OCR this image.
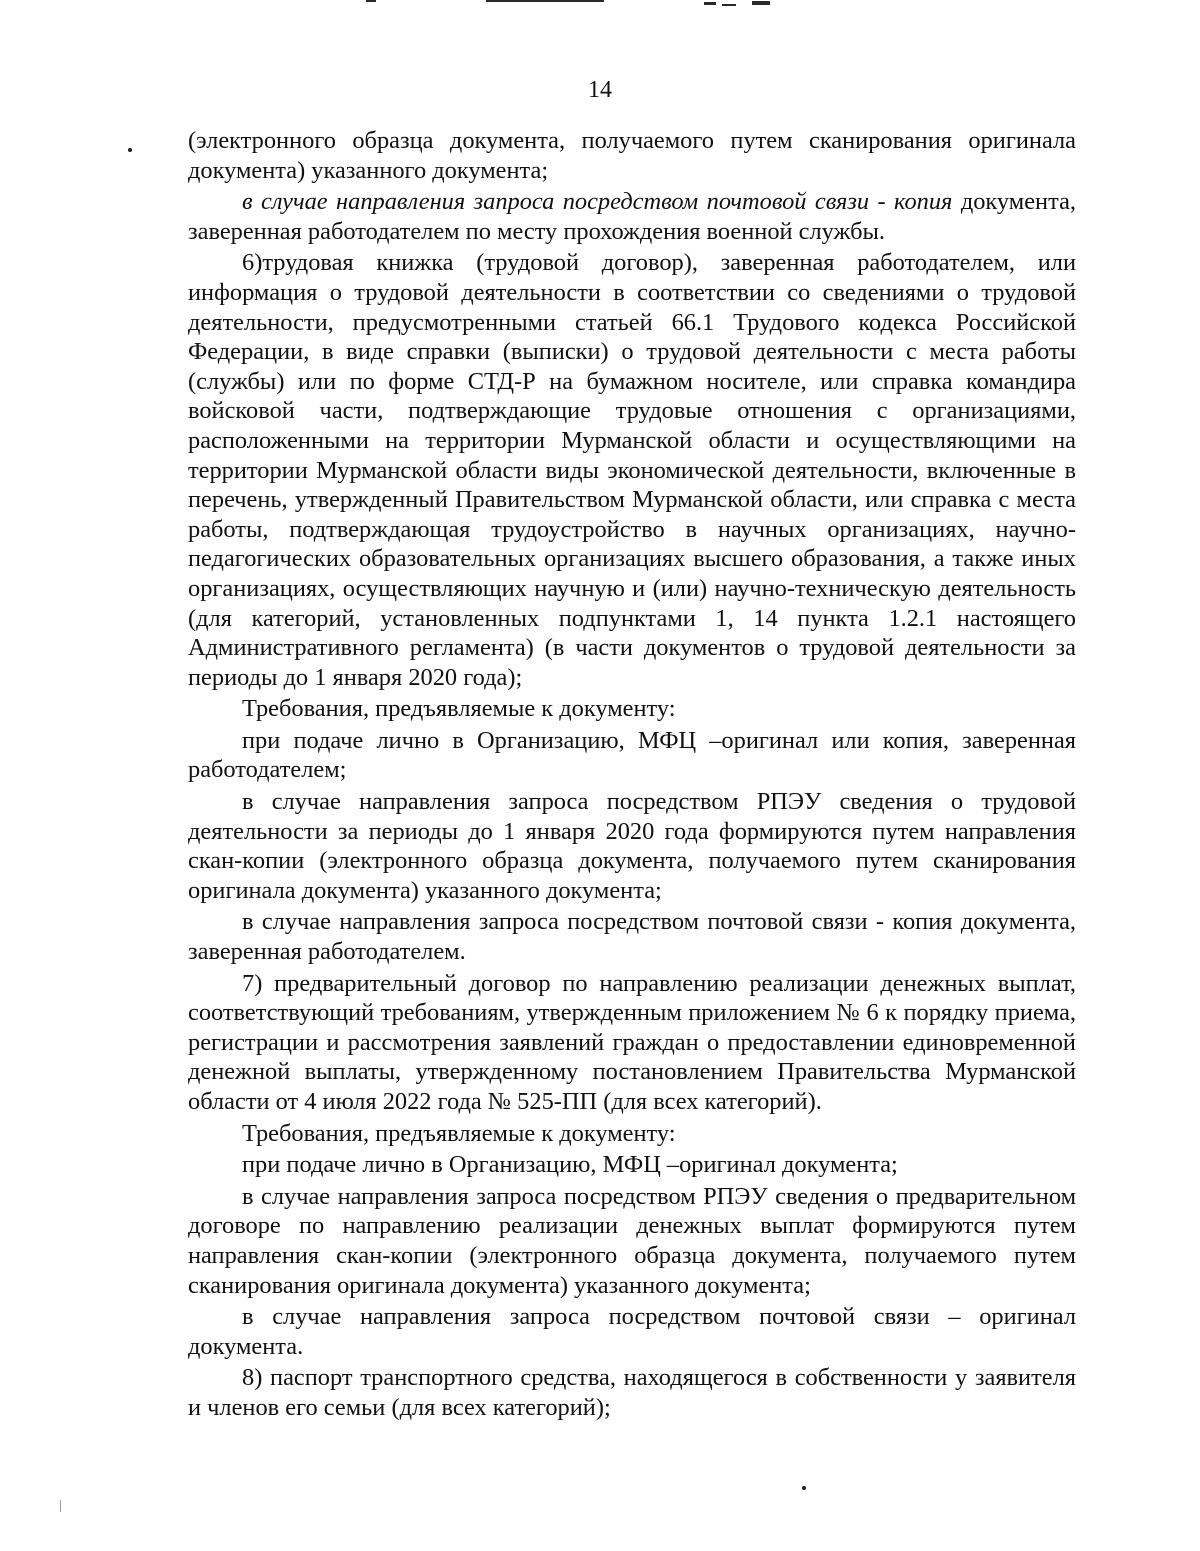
14

(электронного образца документа, получаемого путем сканирования оригинала документа) указанного документа;

в случае направления запроса посредством почтовой связи - копия документа, заверенная работодателем по месту прохождения военной службы.

6)трудовая книжка (трудовой договор), заверенная работодателем, или информация о трудовой деятельности в соответствии со сведениями о трудовой деятельности, предусмотренными статьей 66.1 Трудового кодекса Российской Федерации, в виде справки (выписки) о трудовой деятельности с места работы (службы) или по форме СТД-Р на бумажном носителе, или справка командира войсковой части, подтверждающие трудовые отношения с организациями, расположенными на территории Мурманской области и осуществляющими на территории Мурманской области виды экономической деятельности, включенные в перечень, утвержденный Правительством Мурманской области, или справка с места работы, подтверждающая трудоустройство в научных организациях, научно-педагогических образовательных организациях высшего образования, а также иных организациях, осуществляющих научную и (или) научно-техническую деятельность (для категорий, установленных подпунктами 1, 14 пункта 1.2.1 настоящего Административного регламента) (в части документов о трудовой деятельности за периоды до 1 января 2020 года);

Требования, предъявляемые к документу:

при подаче лично в Организацию, МФЦ –оригинал или копия, заверенная работодателем;

в случае направления запроса посредством РПЭУ сведения о трудовой деятельности за периоды до 1 января 2020 года формируются путем направления скан-копии (электронного образца документа, получаемого путем сканирования оригинала документа) указанного документа;

в случае направления запроса посредством почтовой связи - копия документа, заверенная работодателем.

7) предварительный договор по направлению реализации денежных выплат, соответствующий требованиям, утвержденным приложением № 6 к порядку приема, регистрации и рассмотрения заявлений граждан о предоставлении единовременной денежной выплаты, утвержденному постановлением Правительства Мурманской области от 4 июля 2022 года № 525-ПП (для всех категорий).

Требования, предъявляемые к документу:

при подаче лично в Организацию, МФЦ –оригинал документа;

в случае направления запроса посредством РПЭУ сведения о предварительном договоре по направлению реализации денежных выплат формируются путем направления скан-копии (электронного образца документа, получаемого путем сканирования оригинала документа) указанного документа;

в случае направления запроса посредством почтовой связи – оригинал документа.

8) паспорт транспортного средства, находящегося в собственности у заявителя и членов его семьи (для всех категорий);
